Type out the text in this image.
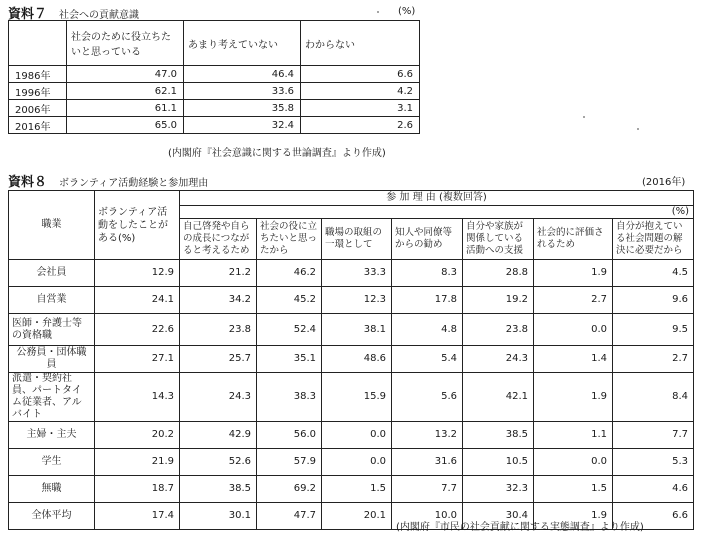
資料７ 社会への貢献意識	(%)
	社会のために役立ちたいと思っている	あまり考えていない	わからない
1986年	47.0	46.4	6.6
1996年	62.1	33.6	4.2
2006年	61.1	35.8	3.1
2016年	65.0	32.4	2.6
(内閣府『社会意識に関する世論調査』より作成)
資料８ ボランティア活動経験と参加理由	(2016年)
職業	ボランティア活動をしたことがある(%)	参 加 理 由 (複数回答)						
		(%)						
		自己啓発や自らの成長につながると考えるため	社会の役に立ちたいと思ったから	職場の取組の一環として	知人や同僚等からの勧め	自分や家族が関係している活動への支援	社会的に評価されるため	自分が抱えている社会問題の解決に必要だから
会社員	12.9	21.2	46.2	33.3	8.3	28.8	1.9	4.5
自営業	24.1	34.2	45.2	12.3	17.8	19.2	2.7	9.6
医師・弁護士等の資格職	22.6	23.8	52.4	38.1	4.8	23.8	0.0	9.5
公務員・団体職員	27.1	25.7	35.1	48.6	5.4	24.3	1.4	2.7
派遣・契約社員、パートタイム従業者、アルバイト	14.3	24.3	38.3	15.9	5.6	42.1	1.9	8.4
主婦・主夫	20.2	42.9	56.0	0.0	13.2	38.5	1.1	7.7
学生	21.9	52.6	57.9	0.0	31.6	10.5	0.0	5.3
無職	18.7	38.5	69.2	1.5	7.7	32.3	1.5	4.6
全体平均	17.4	30.1	47.7	20.1	10.0	30.4	1.9	6.6
(内閣府『市民の社会貢献に関する実態調査』より作成)
